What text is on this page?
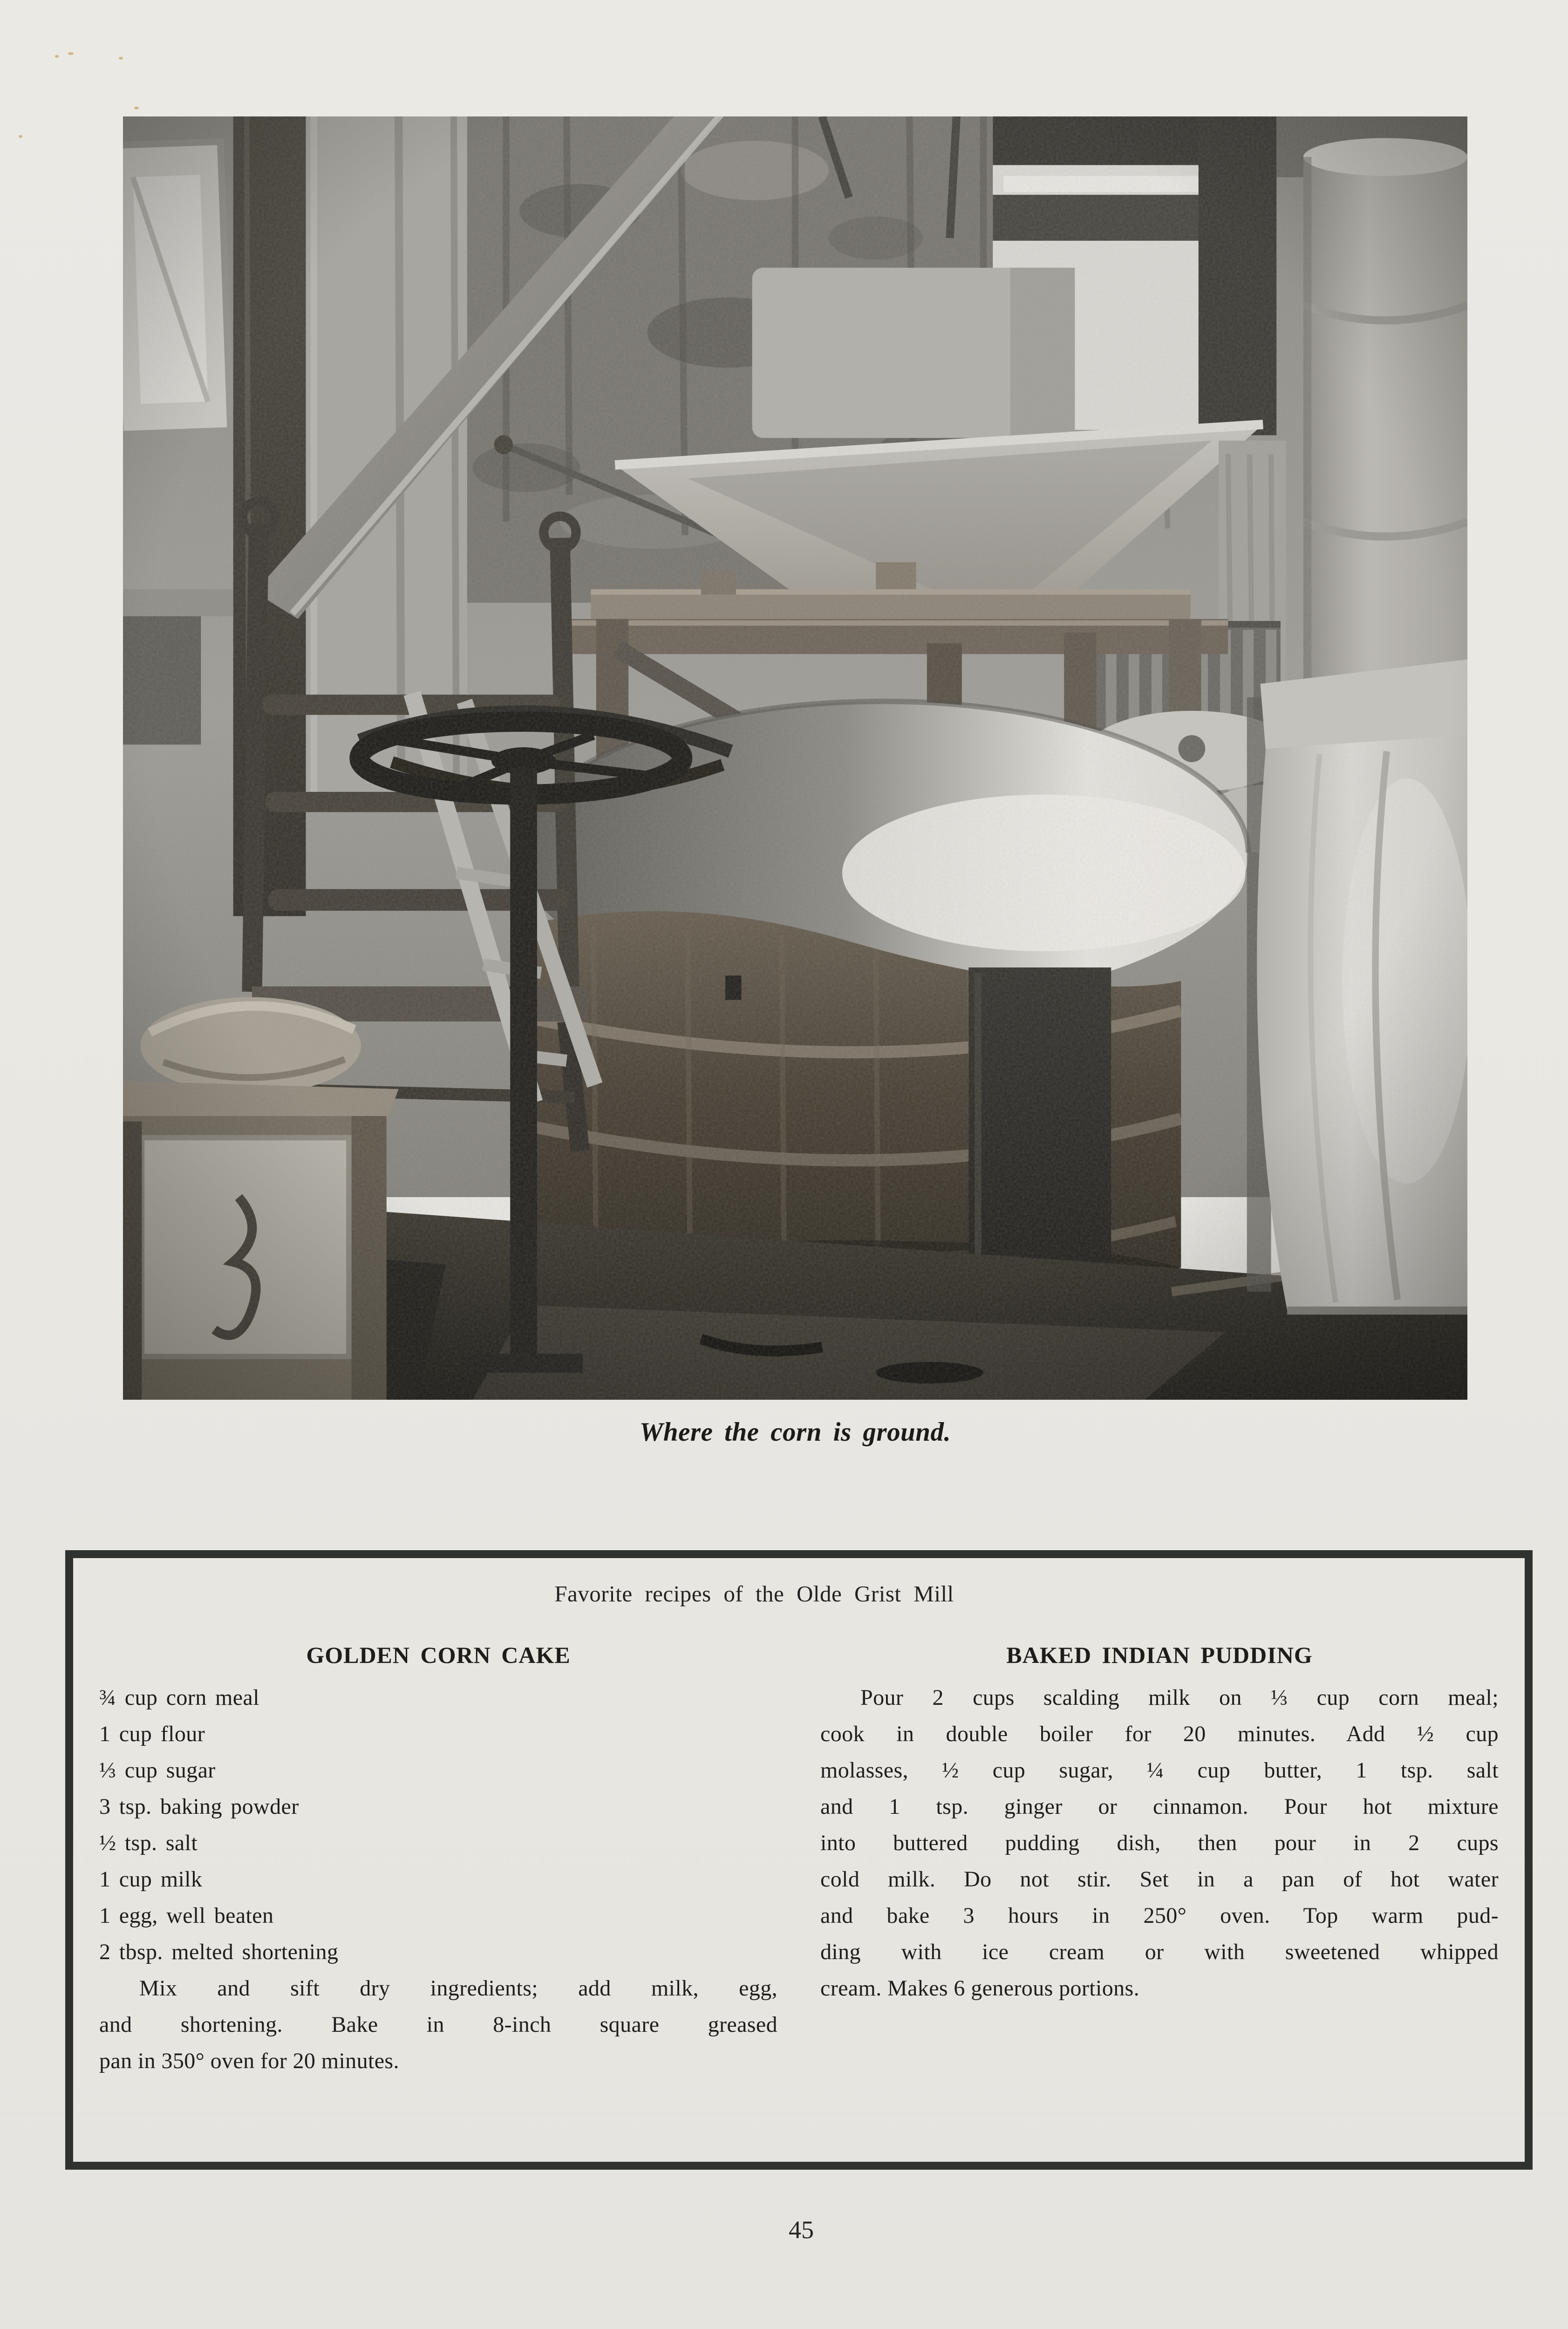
Where the corn is ground.
Favorite recipes of the Olde Grist Mill
GOLDEN CORN CAKE
¾ cup corn meal
1 cup flour
⅓ cup sugar
3 tsp. baking powder
½ tsp. salt
1 cup milk
1 egg, well beaten
2 tbsp. melted shortening
Mix and sift dry ingredients; add milk, egg,
and shortening. Bake in 8-inch square greased
pan in 350° oven for 20 minutes.
BAKED INDIAN PUDDING
Pour 2 cups scalding milk on ⅓ cup corn meal;
cook in double boiler for 20 minutes. Add ½ cup
molasses, ½ cup sugar, ¼ cup butter, 1 tsp. salt
and 1 tsp. ginger or cinnamon. Pour hot mixture
into buttered pudding dish, then pour in 2 cups
cold milk. Do not stir. Set in a pan of hot water
and bake 3 hours in 250° oven. Top warm pud-
ding with ice cream or with sweetened whipped
cream. Makes 6 generous portions.
45
